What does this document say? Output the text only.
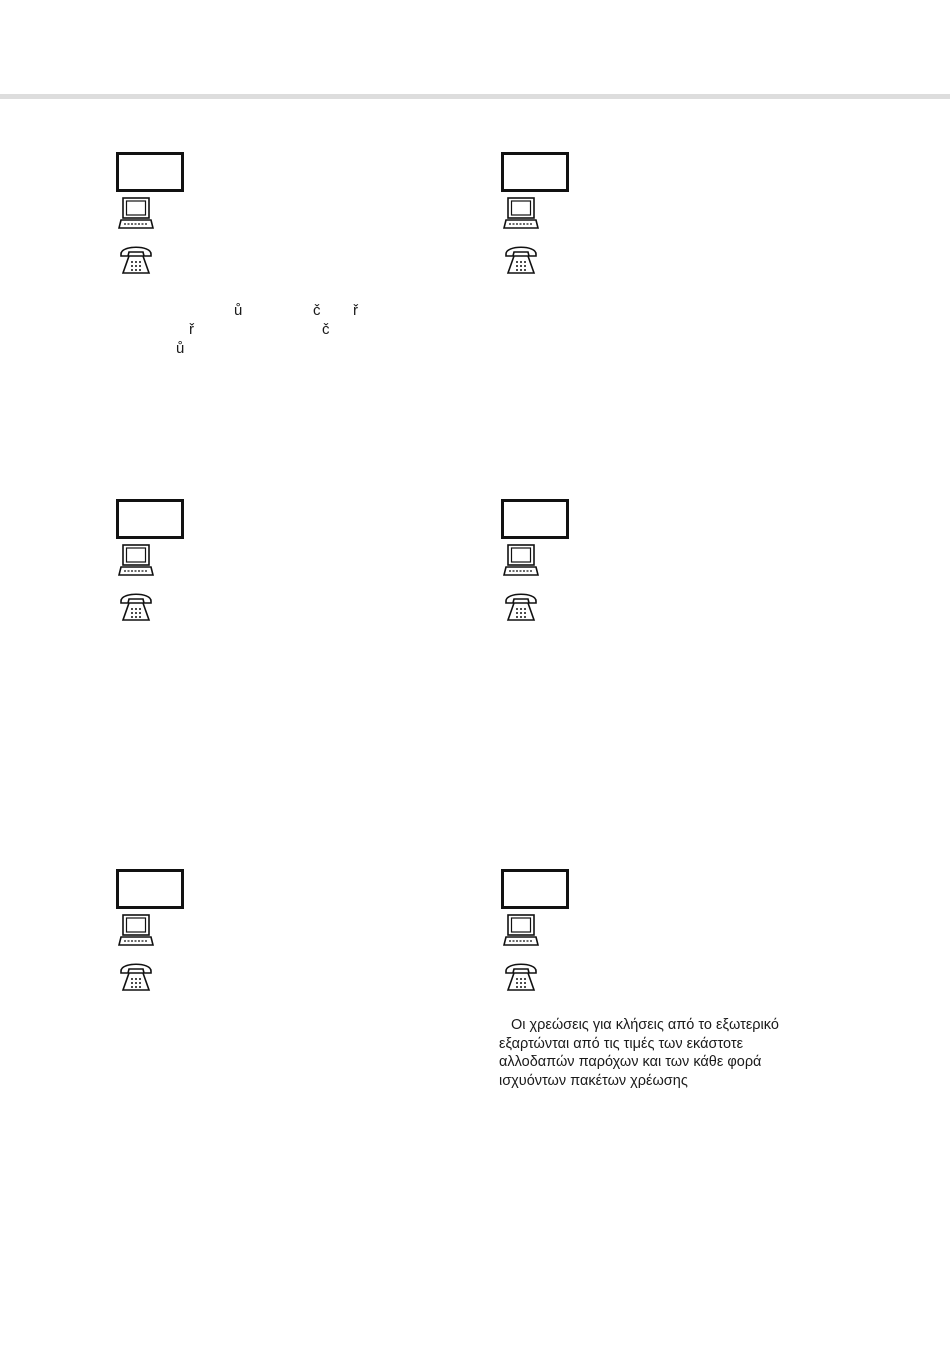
ů	č ř
ř	č
ů
Οι χρεώσεις για κλήσεις από το εξωτερικό
εξαρτώνται από τις τιμές των εκάστοτε
αλλοδαπών παρόχων και των κάθε φορά
ισχυόντων πακέτων χρέωσης
